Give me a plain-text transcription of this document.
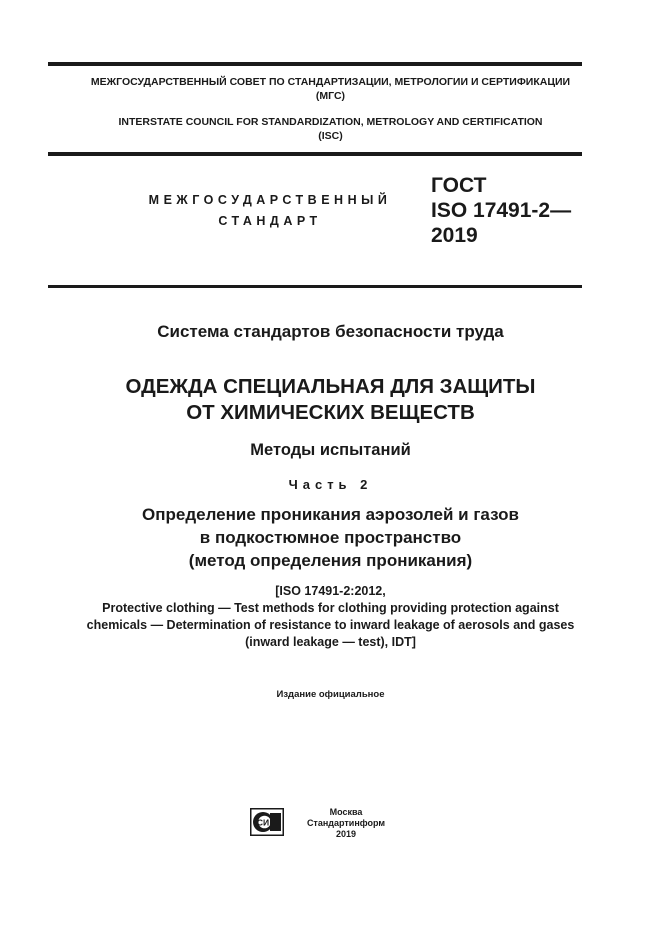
МЕЖГОСУДАРСТВЕННЫЙ СОВЕТ ПО СТАНДАРТИЗАЦИИ, МЕТРОЛОГИИ И СЕРТИФИКАЦИИ
(МГС)
INTERSTATE COUNCIL FOR STANDARDIZATION, METROLOGY AND CERTIFICATION
(ISC)
МЕЖГОСУДАРСТВЕННЫЙ
СТАНДАРТ
ГОСТ
ISO 17491-2—
2019
Система стандартов безопасности труда
ОДЕЖДА СПЕЦИАЛЬНАЯ ДЛЯ ЗАЩИТЫ
ОТ ХИМИЧЕСКИХ ВЕЩЕСТВ
Методы испытаний
Часть 2
Определение проникания аэрозолей и газов
в подкостюмное пространство
(метод определения проникания)
[ISO 17491-2:2012,
Protective clothing — Test methods for clothing providing protection against
chemicals — Determination of resistance to inward leakage of aerosols and gases
(inward leakage — test), IDT]
Издание официальное
СИ
Москва
Стандартинформ
2019
